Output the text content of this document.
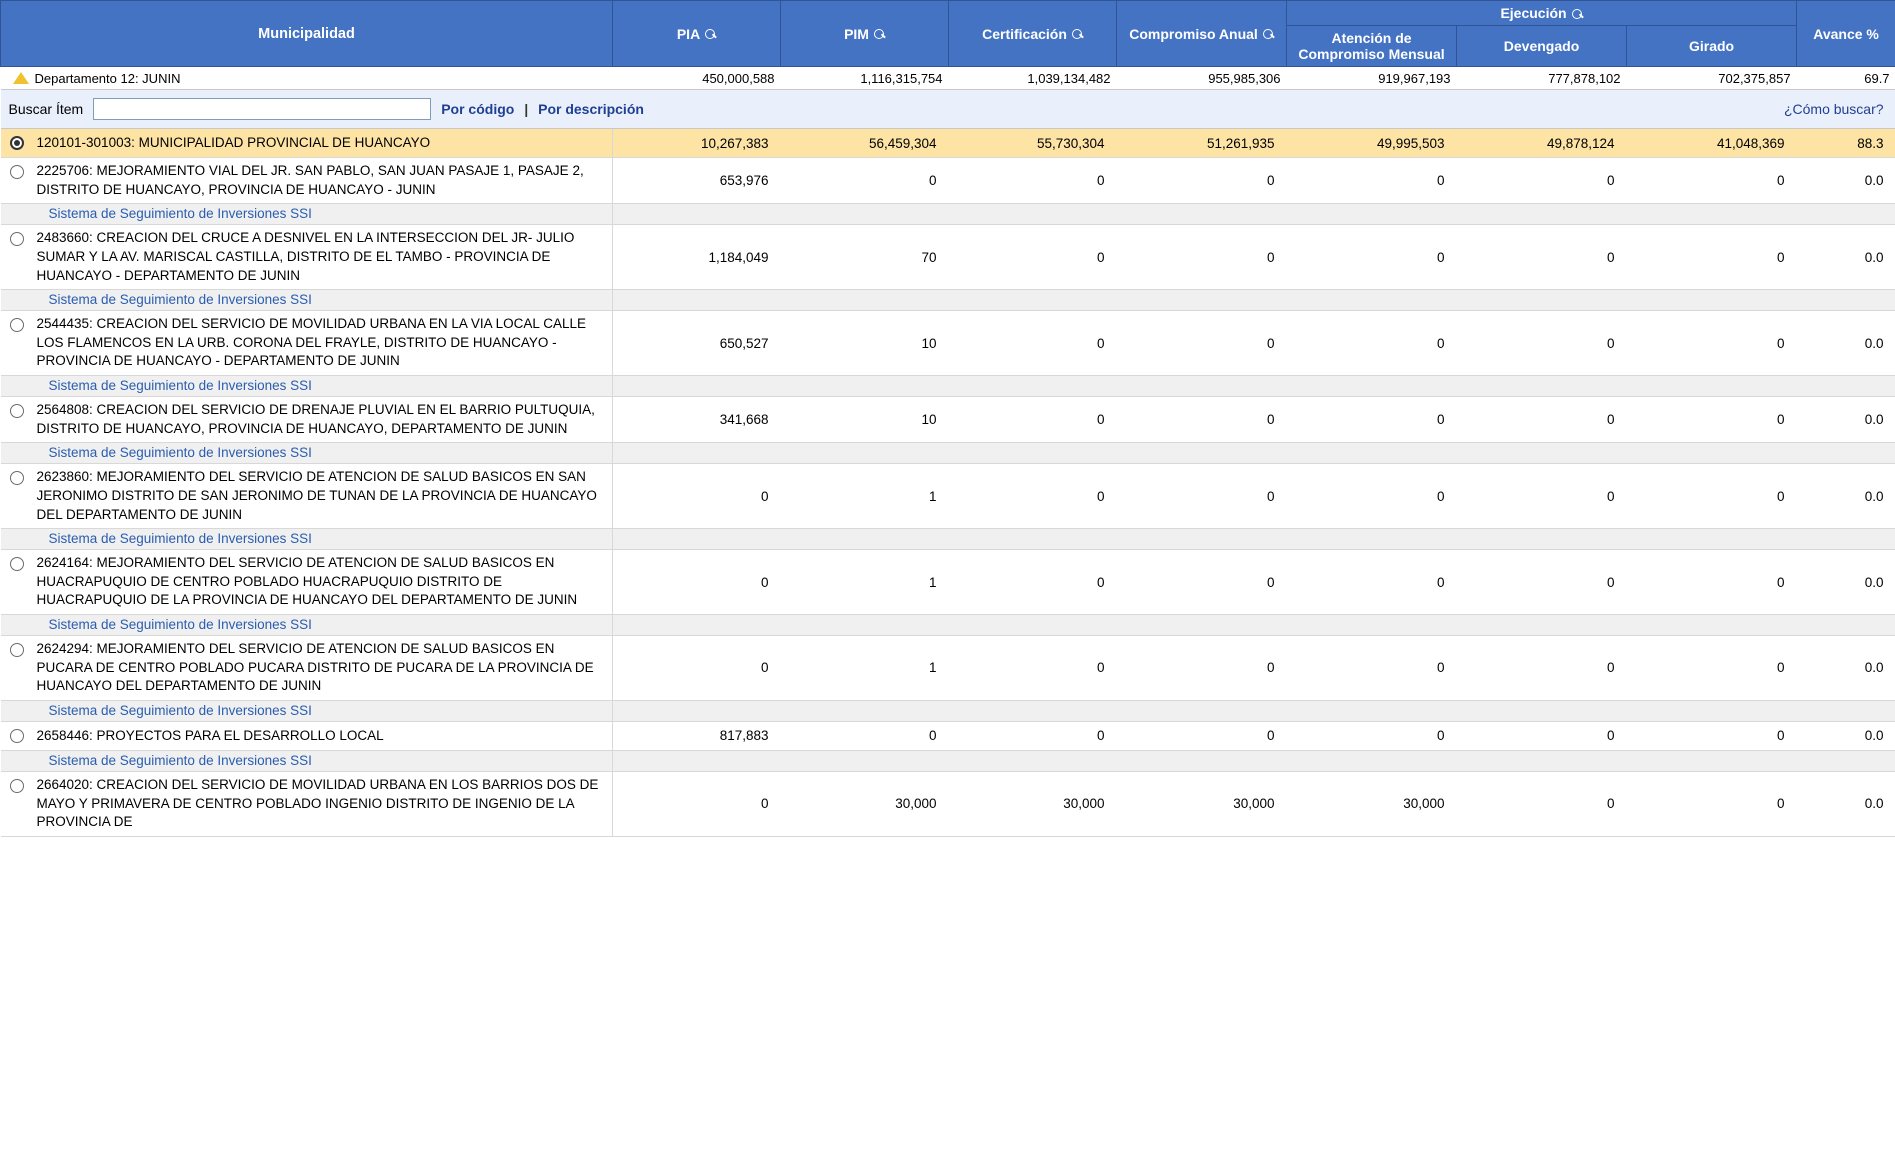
Departamento 12: JUNIN		450,000,588	1,116,315,754	1,039,134,482	955,985,306	919,967,193	777,878,102	702,375,857	69.7
Municipalidad		PIA	PIM	Certificación	Compromiso Anual	Ejecución			Avance %
						Atención de Compromiso Mensual	Devengado	Girado	

Buscar Ítem Por código | Por descripción ¿Cómo buscar?									

	120101-301003: MUNICIPALIDAD PROVINCIAL DE HUANCAYO	10,267,383	56,459,304	55,730,304	51,261,935	49,995,503	49,878,124	41,048,369	88.3
	2225706: MEJORAMIENTO VIAL DEL JR. SAN PABLO, SAN JUAN PASAJE 1, PASAJE 2, DISTRITO DE HUANCAYO, PROVINCIA DE HUANCAYO - JUNIN	653,976	0	0	0	0	0	0	0.0
Sistema de Seguimiento de Inversiones SSI									
	2483660: CREACION DEL CRUCE A DESNIVEL EN LA INTERSECCION DEL JR- JULIO SUMAR Y LA AV. MARISCAL CASTILLA, DISTRITO DE EL TAMBO - PROVINCIA DE HUANCAYO - DEPARTAMENTO DE JUNIN	1,184,049	70	0	0	0	0	0	0.0
Sistema de Seguimiento de Inversiones SSI									
	2544435: CREACION DEL SERVICIO DE MOVILIDAD URBANA EN LA VIA LOCAL CALLE LOS FLAMENCOS EN LA URB. CORONA DEL FRAYLE, DISTRITO DE HUANCAYO - PROVINCIA DE HUANCAYO - DEPARTAMENTO DE JUNIN	650,527	10	0	0	0	0	0	0.0
Sistema de Seguimiento de Inversiones SSI									
	2564808: CREACION DEL SERVICIO DE DRENAJE PLUVIAL EN EL BARRIO PULTUQUIA, DISTRITO DE HUANCAYO, PROVINCIA DE HUANCAYO, DEPARTAMENTO DE JUNIN	341,668	10	0	0	0	0	0	0.0
Sistema de Seguimiento de Inversiones SSI									
	2623860: MEJORAMIENTO DEL SERVICIO DE ATENCION DE SALUD BASICOS EN SAN JERONIMO DISTRITO DE SAN JERONIMO DE TUNAN DE LA PROVINCIA DE HUANCAYO DEL DEPARTAMENTO DE JUNIN	0	1	0	0	0	0	0	0.0
Sistema de Seguimiento de Inversiones SSI									
	2624164: MEJORAMIENTO DEL SERVICIO DE ATENCION DE SALUD BASICOS EN HUACRAPUQUIO DE CENTRO POBLADO HUACRAPUQUIO DISTRITO DE HUACRAPUQUIO DE LA PROVINCIA DE HUANCAYO DEL DEPARTAMENTO DE JUNIN	0	1	0	0	0	0	0	0.0
Sistema de Seguimiento de Inversiones SSI									
	2624294: MEJORAMIENTO DEL SERVICIO DE ATENCION DE SALUD BASICOS EN PUCARA DE CENTRO POBLADO PUCARA DISTRITO DE PUCARA DE LA PROVINCIA DE HUANCAYO DEL DEPARTAMENTO DE JUNIN	0	1	0	0	0	0	0	0.0
Sistema de Seguimiento de Inversiones SSI									
	2658446: PROYECTOS PARA EL DESARROLLO LOCAL	817,883	0	0	0	0	0	0	0.0
Sistema de Seguimiento de Inversiones SSI									
	2664020: CREACION DEL SERVICIO DE MOVILIDAD URBANA EN LOS BARRIOS DOS DE MAYO Y PRIMAVERA DE CENTRO POBLADO INGENIO DISTRITO DE INGENIO DE LA PROVINCIA DE	0	30,000	30,000	30,000	30,000	0	0	0.0
